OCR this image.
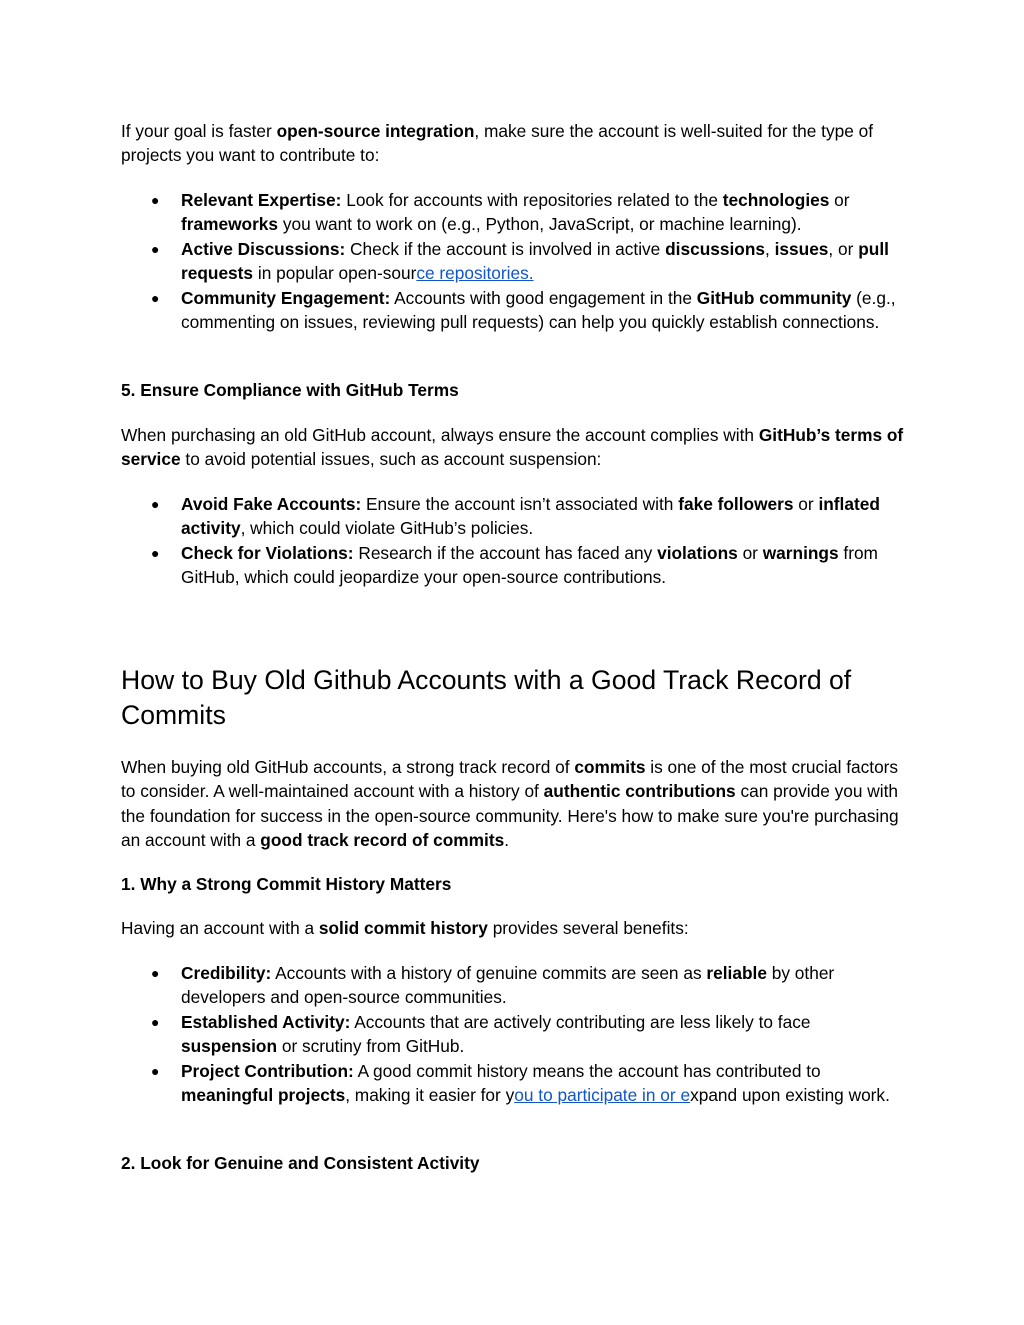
If your goal is faster open-source integration, make sure the account is well-suited for the type of projects you want to contribute to:

● Relevant Expertise: Look for accounts with repositories related to the technologies or frameworks you want to work on (e.g., Python, JavaScript, or machine learning).
● Active Discussions: Check if the account is involved in active discussions, issues, or pull requests in popular open-source repositories.
● Community Engagement: Accounts with good engagement in the GitHub community (e.g., commenting on issues, reviewing pull requests) can help you quickly establish connections.
5. Ensure Compliance with GitHub Terms

When purchasing an old GitHub account, always ensure the account complies with GitHub’s terms of service to avoid potential issues, such as account suspension:

● Avoid Fake Accounts: Ensure the account isn’t associated with fake followers or inflated activity, which could violate GitHub’s policies.
● Check for Violations: Research if the account has faced any violations or warnings from GitHub, which could jeopardize your open-source contributions.
How to Buy Old Github Accounts with a Good Track Record of Commits

When buying old GitHub accounts, a strong track record of commits is one of the most crucial factors to consider. A well-maintained account with a history of authentic contributions can provide you with the foundation for success in the open-source community. Here's how to make sure you're purchasing an account with a good track record of commits.

1. Why a Strong Commit History Matters

Having an account with a solid commit history provides several benefits:

● Credibility: Accounts with a history of genuine commits are seen as reliable by other developers and open-source communities.
● Established Activity: Accounts that are actively contributing are less likely to face suspension or scrutiny from GitHub.
● Project Contribution: A good commit history means the account has contributed to meaningful projects, making it easier for you to participate in or expand upon existing work.
2. Look for Genuine and Consistent Activity
